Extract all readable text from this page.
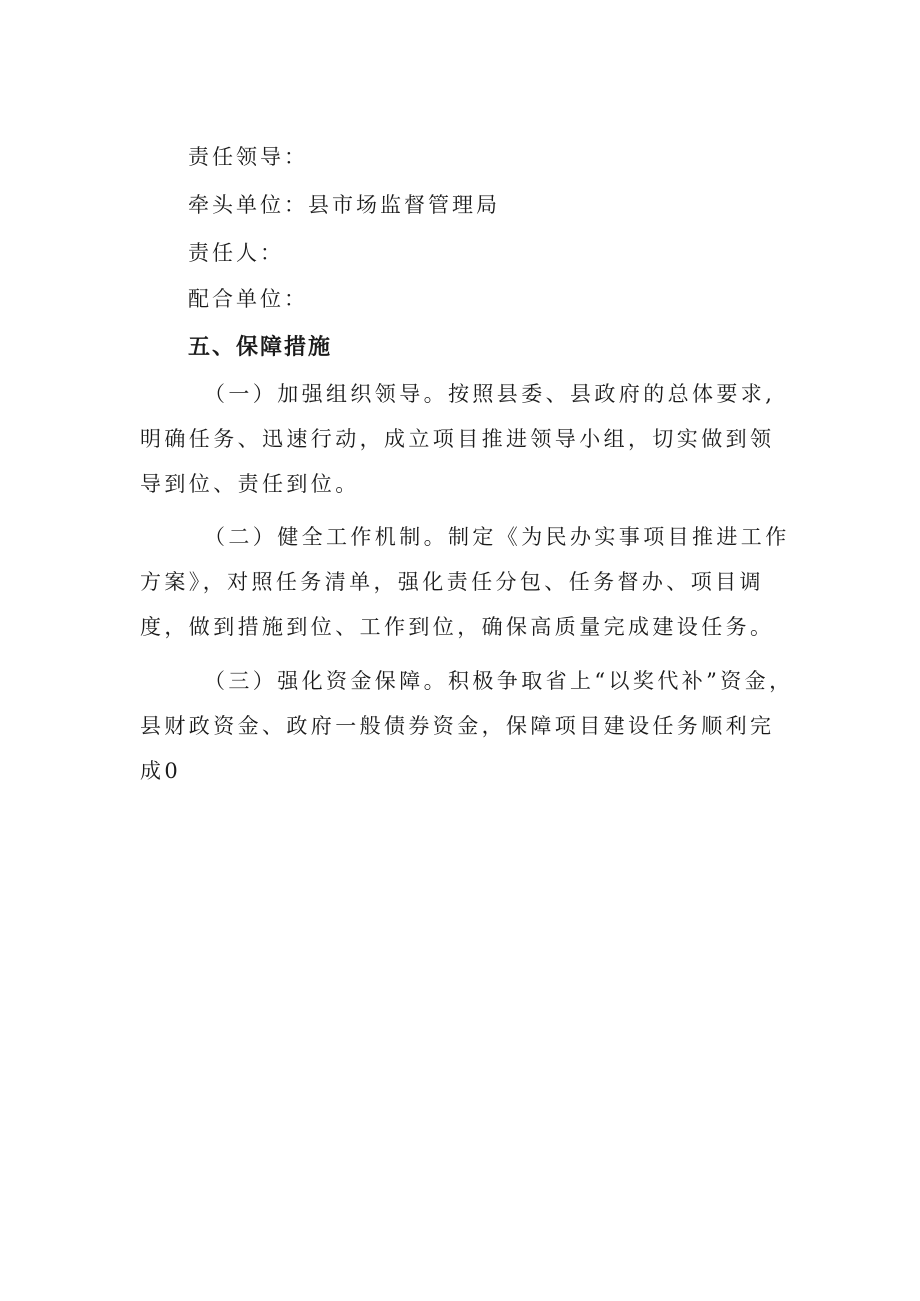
责任领导：
牵头单位：县市场监督管理局
责任人：
配合单位：
五、保障措施
（一）加强组织领导。按照县委、县政府的总体要求,明确任务、迅速行动，成立项目推进领导小组，切实做到领导到位、责任到位。
（二）健全工作机制。制定《为民办实事项目推进工作方案》，对照任务清单，强化责任分包、任务督办、项目调度，做到措施到位、工作到位，确保高质量完成建设任务。
（三）强化资金保障。积极争取省上“以奖代补”资金，县财政资金、政府一般债券资金，保障项目建设任务顺利完成0
